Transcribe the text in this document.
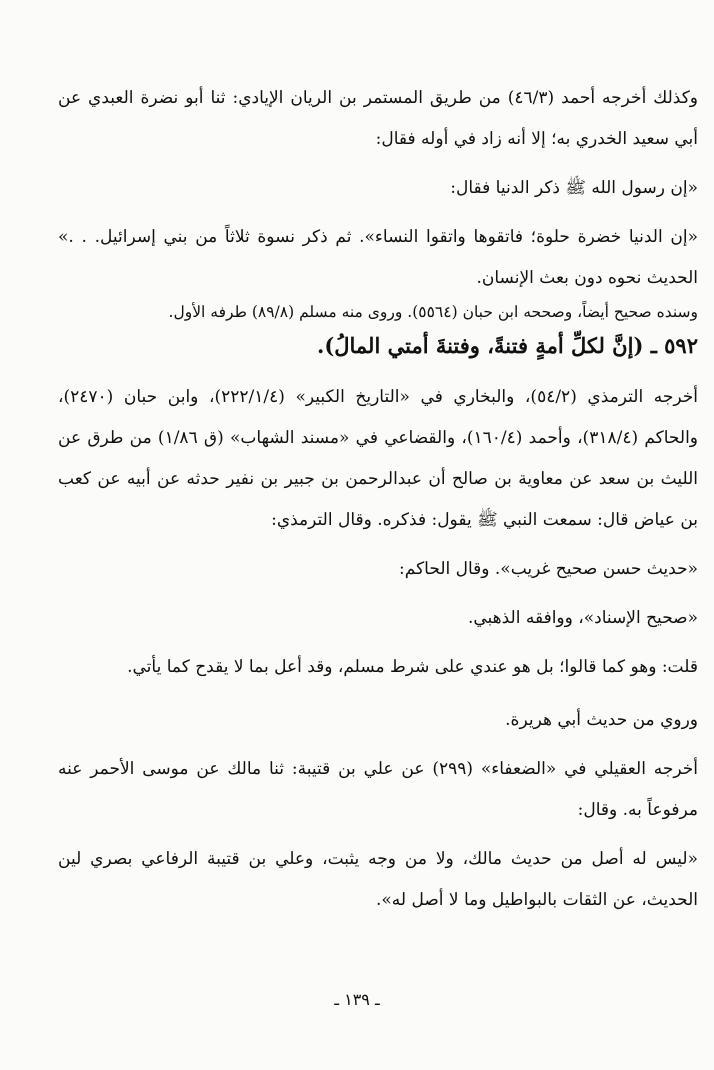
وكذلك أخرجه أحمد (٤٦/٣) من طريق المستمر بن الريان الإيادي: ثنا أبو نضرة العبدي عن أبي سعيد الخدري به؛ إلا أنه زاد في أوله فقال:

«إن رسول الله ﷺ ذكر الدنيا فقال:

«إن الدنيا خضرة حلوة؛ فاتقوها واتقوا النساء». ثم ذكر نسوة ثلاثاً من بني إسرائيل. . .» الحديث نحوه دون بعث الإنسان.

وسنده صحيح أيضاً، وصححه ابن حبان (٥٥٦٤). وروى منه مسلم (٨٩/٨) طرفه الأول.

٥٩٢ ـ (إنَّ لكلِّ أمةٍ فتنةً، وفتنةَ أمتي المالُ).

أخرجه الترمذي (٥٤/٢)، والبخاري في «التاريخ الكبير» (٢٢٢/١/٤)، وابن حبان (٢٤٧٠)، والحاكم (٣١٨/٤)، وأحمد (١٦٠/٤)، والقضاعي في «مسند الشهاب» (ق ١/٨٦) من طرق عن الليث بن سعد عن معاوية بن صالح أن عبدالرحمن بن جبير بن نفير حدثه عن أبيه عن كعب بن عياض قال: سمعت النبي ﷺ يقول: فذكره. وقال الترمذي:

«حديث حسن صحيح غريب». وقال الحاكم:

«صحيح الإسناد»، ووافقه الذهبي.

قلت: وهو كما قالوا؛ بل هو عندي على شرط مسلم، وقد أعل بما لا يقدح كما يأتي.

وروي من حديث أبي هريرة.

أخرجه العقيلي في «الضعفاء» (٢٩٩) عن علي بن قتيبة: ثنا مالك عن موسى الأحمر عنه مرفوعاً به. وقال:

«ليس له أصل من حديث مالك، ولا من وجه يثبت، وعلي بن قتيبة الرفاعي بصري لين الحديث، عن الثقات بالبواطيل وما لا أصل له».

ـ ١٣٩ ـ
